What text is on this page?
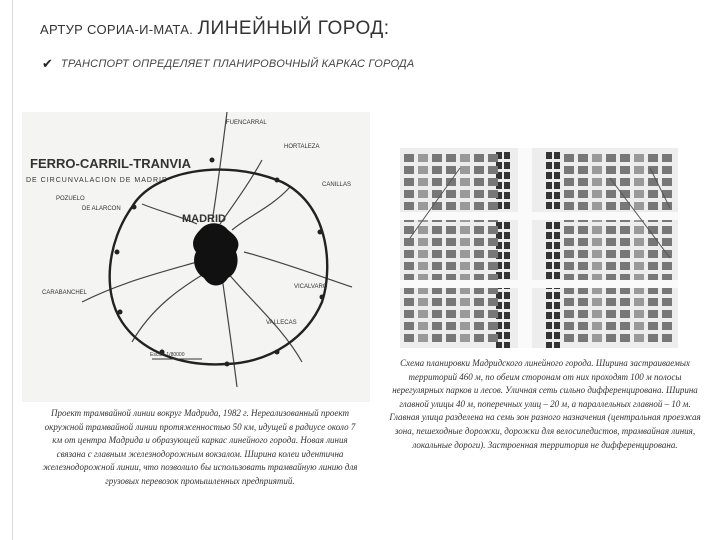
АРТУР СОРИА-И-МАТА. ЛИНЕЙНЫЙ ГОРОД:
✔ ТРАНСПОРТ ОПРЕДЕЛЯЕТ ПЛАНИРОВОЧНЫЙ КАРКАС ГОРОДА
FERRO-CARRIL-TRANVIA
DE CIRCUNVALACION DE MADRID
MADRID
FUENCARRAL
HORTALEZA
POZUELO
DE ALARCON
CANILLAS
VICALVARO
CARABANCHEL
VALLECAS
Escala 1/80000
Проект трамвайной линии вокруг Мадрида, 1982 г. Нереализованный проект окружной трамвайной линии протяженностью 50 км, идущей в радиусе около 7 км от центра Мадрида и образующей каркас линейного города. Новая линия связана с главным железнодорожным вокзалом. Ширина колеи идентична железнодорожной линии, что позволило бы использовать трамвайную линию для грузовых перевозок промышленных предприятий.
Схема планировки Мадридского линейного города. Ширина застраиваемых территорий 460 м, по обеим сторонам от них проходят 100 м полосы нерегулярных парков и лесов. Уличная сеть сильно дифференцирована. Ширина главной улицы 40 м, поперечных улиц – 20 м, а параллельных главной – 10 м. Главная улица разделена на семь зон разного назначения (центральная проезжая зона, пешеходные дорожки, дорожки для велосипедистов, трамвайная линия, локальные дороги). Застроенная территория не дифференцирована.
